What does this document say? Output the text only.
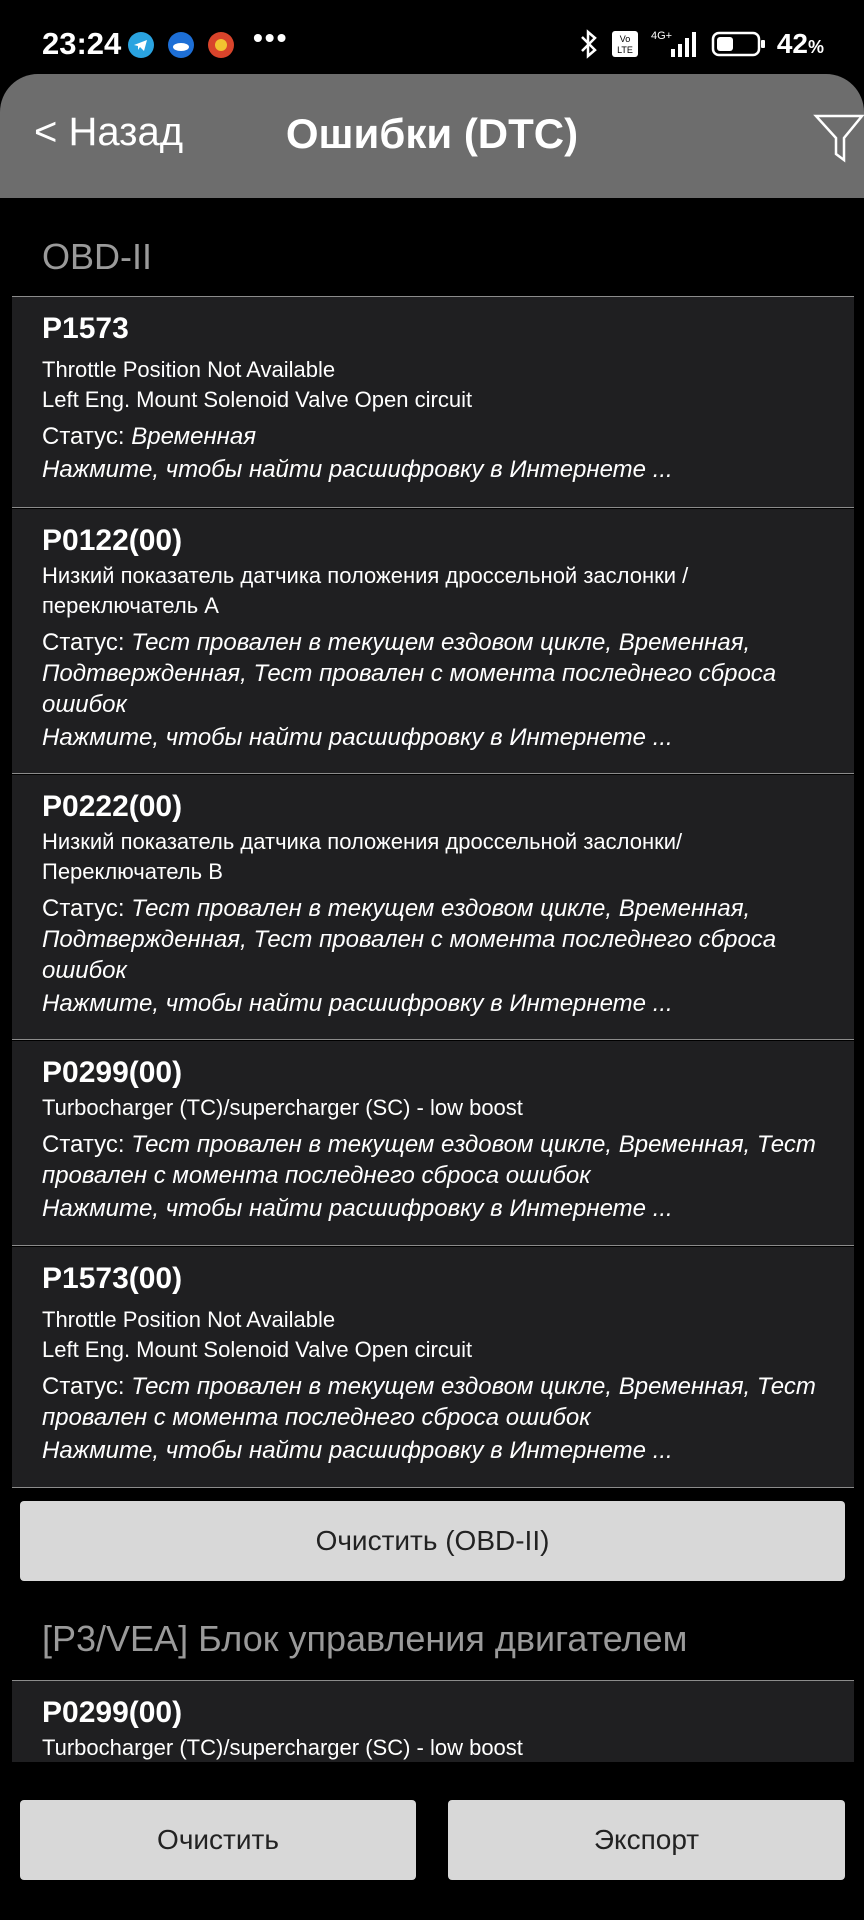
23:24	•••	Vo
LTE
4G+	42%
< Назад	Ошибки (DTC)
OBD-II
P1573
Throttle Position Not Available
Left Eng. Mount Solenoid Valve Open circuit
Статус: Временная
Нажмите, чтобы найти расшифровку в Интернете ...
P0122(00)
Низкий показатель датчика положения дроссельной заслонки /
переключатель A
Статус: Тест провален в текущем ездовом цикле, Временная, Подтвержденная, Тест провален с момента последнего сброса ошибок
Нажмите, чтобы найти расшифровку в Интернете ...
P0222(00)
Низкий показатель датчика положения дроссельной заслонки/
Переключатель B
Статус: Тест провален в текущем ездовом цикле, Временная, Подтвержденная, Тест провален с момента последнего сброса ошибок
Нажмите, чтобы найти расшифровку в Интернете ...
P0299(00)
Turbocharger (TC)/supercharger (SC) - low boost
Статус: Тест провален в текущем ездовом цикле, Временная, Тест провален с момента последнего сброса ошибок
Нажмите, чтобы найти расшифровку в Интернете ...
P1573(00)
Throttle Position Not Available
Left Eng. Mount Solenoid Valve Open circuit
Статус: Тест провален в текущем ездовом цикле, Временная, Тест провален с момента последнего сброса ошибок
Нажмите, чтобы найти расшифровку в Интернете ...
Очистить (OBD-II)
[P3/VEA] Блок управления двигателем
P0299(00)
Turbocharger (TC)/supercharger (SC) - low boost
Очистить	Экспорт
